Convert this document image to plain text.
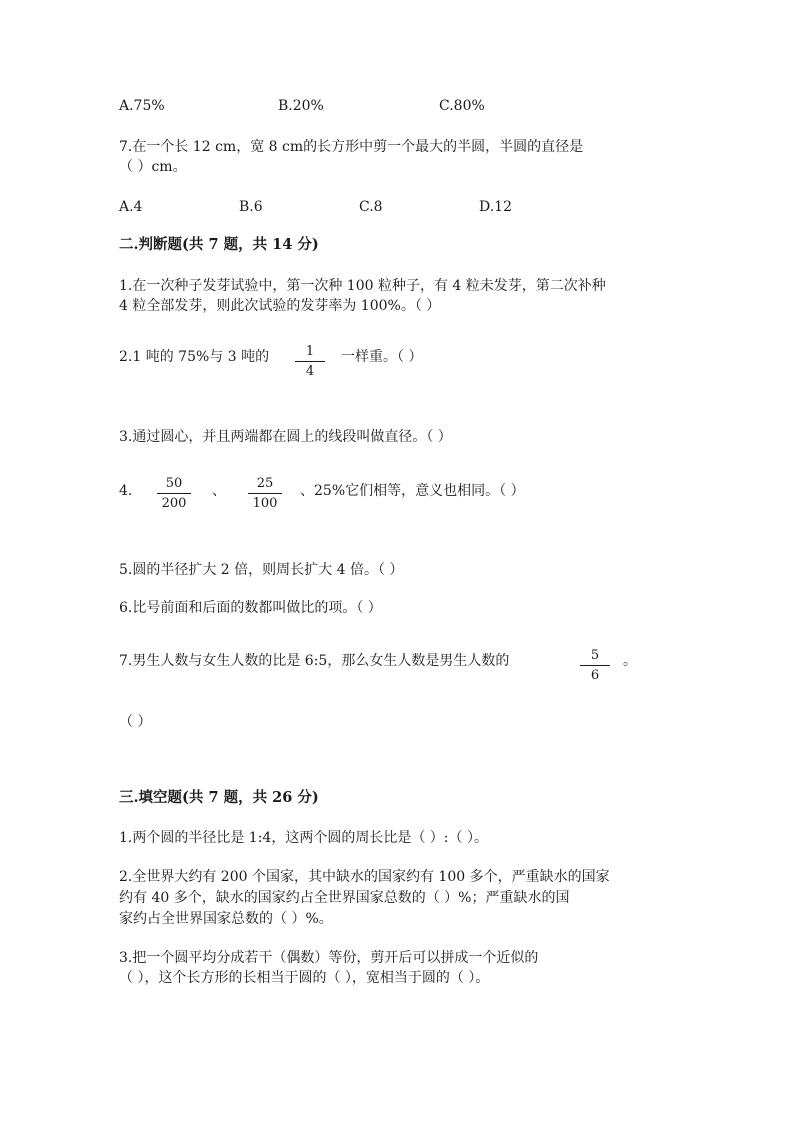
A.75%	B.20%	C.80%
7.在一个长 12 cm，宽 8 cm的长方形中剪一个最大的半圆，半圆的直径是
（ ）cm。
A.4	B.6	C.8	D.12
二.判断题(共 7 题，共 14 分)
1.在一次种子发芽试验中，第一次种 100 粒种子，有 4 粒未发芽，第二次补种
4 粒全部发芽，则此次试验的发芽率为 100%。（ ）
2.1 吨的 75%与 3 吨的	1
4
一样重。（ ）
3.通过圆心，并且两端都在圆上的线段叫做直径。（ ）
4.	50
200
、 25
100
、25%它们相等，意义也相同。（ ）
5.圆的半径扩大 2 倍，则周长扩大 4 倍。（ ）
6.比号前面和后面的数都叫做比的项。（ ）
7.男生人数与女生人数的比是 6:5，那么女生人数是男生人数的	5
6
。
（ ）
三.填空题(共 7 题，共 26 分)
1.两个圆的半径比是 1:4，这两个圆的周长比是（ ）:（ ）。
2.全世界大约有 200 个国家，其中缺水的国家约有 100 多个，严重缺水的国家
约有 40 多个，缺水的国家约占全世界国家总数的（ ）%；严重缺水的国
家约占全世界国家总数的（ ）%。
3.把一个圆平均分成若干（偶数）等份，剪开后可以拼成一个近似的
（ ），这个长方形的长相当于圆的（ ），宽相当于圆的（ ）。
